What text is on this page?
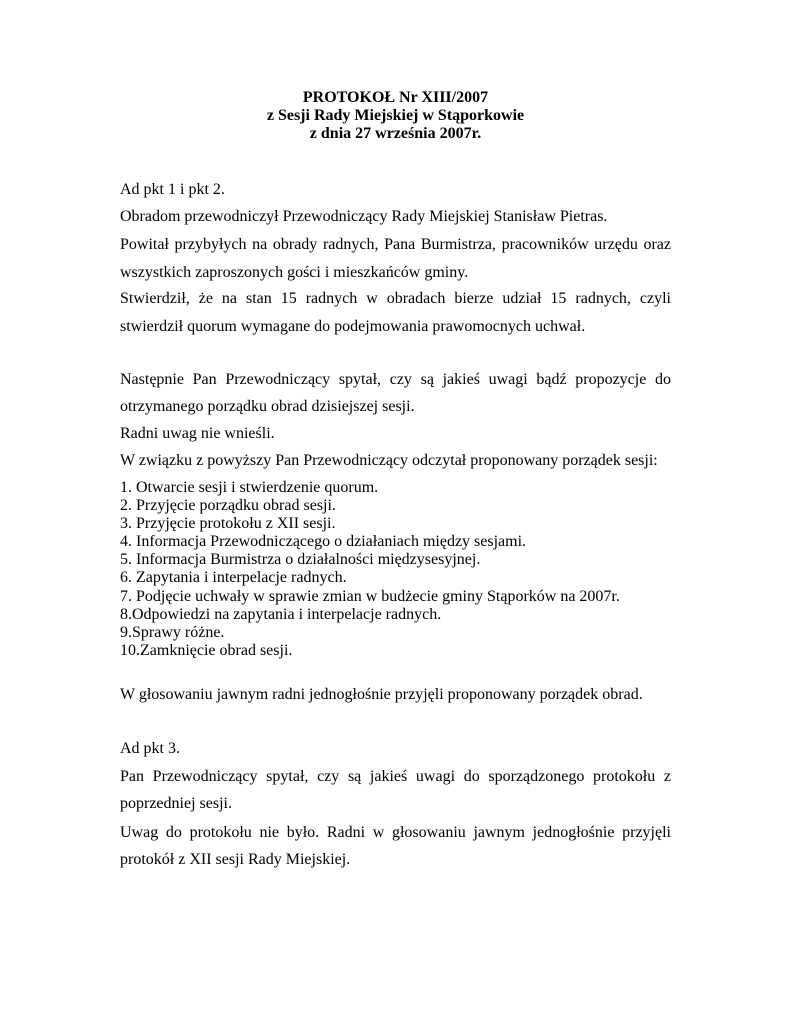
PROTOKOŁ Nr XIII/2007
z Sesji Rady Miejskiej w Stąporkowie
z dnia 27 września 2007r.
Ad pkt 1 i pkt 2.
Obradom przewodniczył Przewodniczący Rady Miejskiej Stanisław Pietras.
Powitał przybyłych na obrady radnych, Pana Burmistrza, pracowników urzędu oraz
wszystkich zaproszonych gości i mieszkańców gminy.
Stwierdził, że na stan 15 radnych w obradach bierze udział 15 radnych, czyli
stwierdził quorum wymagane do podejmowania prawomocnych uchwał.
Następnie Pan Przewodniczący spytał, czy są jakieś uwagi bądź propozycje do
otrzymanego porządku obrad dzisiejszej sesji.
Radni uwag nie wnieśli.
W związku z powyższy Pan Przewodniczący odczytał proponowany porządek sesji:
1. Otwarcie sesji i stwierdzenie quorum.
2. Przyjęcie porządku obrad sesji.
3. Przyjęcie protokołu z XII sesji.
4. Informacja Przewodniczącego o działaniach między sesjami.
5. Informacja Burmistrza o działalności międzysesyjnej.
6. Zapytania i interpelacje radnych.
7. Podjęcie uchwały w sprawie zmian w budżecie gminy Stąporków na 2007r.
8.Odpowiedzi na zapytania i interpelacje radnych.
9.Sprawy różne.
10.Zamknięcie obrad sesji.
W głosowaniu jawnym radni jednogłośnie przyjęli proponowany porządek obrad.
Ad pkt 3.
Pan Przewodniczący spytał, czy są jakieś uwagi do sporządzonego protokołu z
poprzedniej sesji.
Uwag do protokołu nie było. Radni w głosowaniu jawnym jednogłośnie przyjęli
protokół z XII sesji Rady Miejskiej.
